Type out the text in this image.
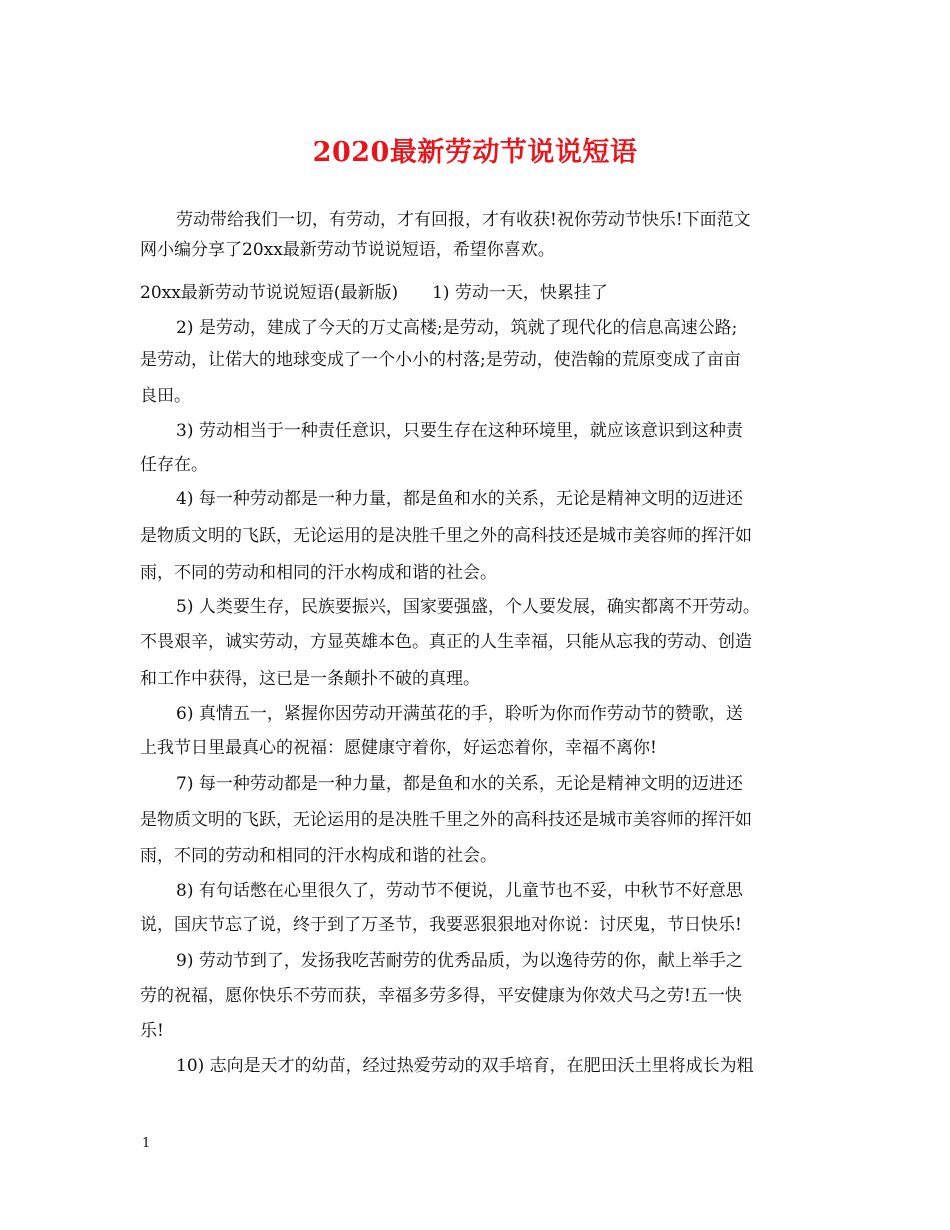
2020最新劳动节说说短语
劳动带给我们一切，有劳动，才有回报，才有收获!祝你劳动节快乐!下面范文
网小编分享了20xx最新劳动节说说短语，希望你喜欢。
20xx最新劳动节说说短语(最新版)　　1) 劳动一天，快累挂了
2) 是劳动，建成了今天的万丈高楼;是劳动，筑就了现代化的信息高速公路;
是劳动，让偌大的地球变成了一个小小的村落;是劳动，使浩翰的荒原变成了亩亩
良田。
3) 劳动相当于一种责任意识，只要生存在这种环境里，就应该意识到这种责
任存在。
4) 每一种劳动都是一种力量，都是鱼和水的关系，无论是精神文明的迈进还
是物质文明的飞跃，无论运用的是决胜千里之外的高科技还是城市美容师的挥汗如
雨，不同的劳动和相同的汗水构成和谐的社会。
5) 人类要生存，民族要振兴，国家要强盛，个人要发展，确实都离不开劳动。
不畏艰辛，诚实劳动，方显英雄本色。真正的人生幸福，只能从忘我的劳动、创造
和工作中获得，这已是一条颠扑不破的真理。
6) 真情五一，紧握你因劳动开满茧花的手，聆听为你而作劳动节的赞歌，送
上我节日里最真心的祝福：愿健康守着你，好运恋着你，幸福不离你!
7) 每一种劳动都是一种力量，都是鱼和水的关系，无论是精神文明的迈进还
是物质文明的飞跃，无论运用的是决胜千里之外的高科技还是城市美容师的挥汗如
雨，不同的劳动和相同的汗水构成和谐的社会。
8) 有句话憋在心里很久了，劳动节不便说，儿童节也不妥，中秋节不好意思
说，国庆节忘了说，终于到了万圣节，我要恶狠狠地对你说：讨厌鬼，节日快乐!
9) 劳动节到了，发扬我吃苦耐劳的优秀品质，为以逸待劳的你，献上举手之
劳的祝福，愿你快乐不劳而获，幸福多劳多得，平安健康为你效犬马之劳!五一快
乐!
10) 志向是天才的幼苗，经过热爱劳动的双手培育，在肥田沃土里将成长为粗
1
